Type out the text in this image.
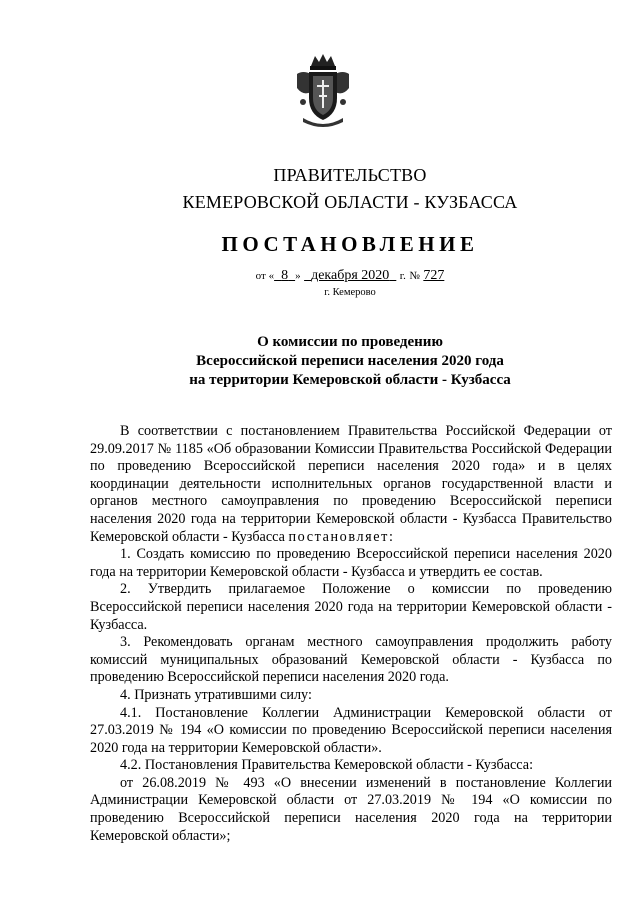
ПРАВИТЕЛЬСТВО
КЕМЕРОВСКОЙ ОБЛАСТИ - КУЗБАССА
ПОСТАНОВЛЕНИЕ
от « 8 » декабря 2020 г. № 727
г. Кемерово
О комиссии по проведению
Всероссийской переписи населения 2020 года
на территории Кемеровской области - Кузбасса

В соответствии с постановлением Правительства Российской Федерации от 29.09.2017 № 1185 «Об образовании Комиссии Правительства Российской Федерации по проведению Всероссийской переписи населения 2020 года» и в целях координации деятельности исполнительных органов государственной власти и органов местного самоуправления по проведению Всероссийской переписи населения 2020 года на территории Кемеровской области - Кузбасса Правительство Кемеровской области - Кузбасса постановляет:

1. Создать комиссию по проведению Всероссийской переписи населения 2020 года на территории Кемеровской области - Кузбасса и утвердить ее состав.

2. Утвердить прилагаемое Положение о комиссии по проведению Всероссийской переписи населения 2020 года на территории Кемеровской области - Кузбасса.

3. Рекомендовать органам местного самоуправления продолжить работу комиссий муниципальных образований Кемеровской области - Кузбасса по проведению Всероссийской переписи населения 2020 года.

4. Признать утратившими силу:

4.1. Постановление Коллегии Администрации Кемеровской области от 27.03.2019 № 194 «О комиссии по проведению Всероссийской переписи населения 2020 года на территории Кемеровской области».

4.2. Постановления Правительства Кемеровской области - Кузбасса:

от 26.08.2019 № 493 «О внесении изменений в постановление Коллегии Администрации Кемеровской области от 27.03.2019 № 194 «О комиссии по проведению Всероссийской переписи населения 2020 года на территории Кемеровской области»;
